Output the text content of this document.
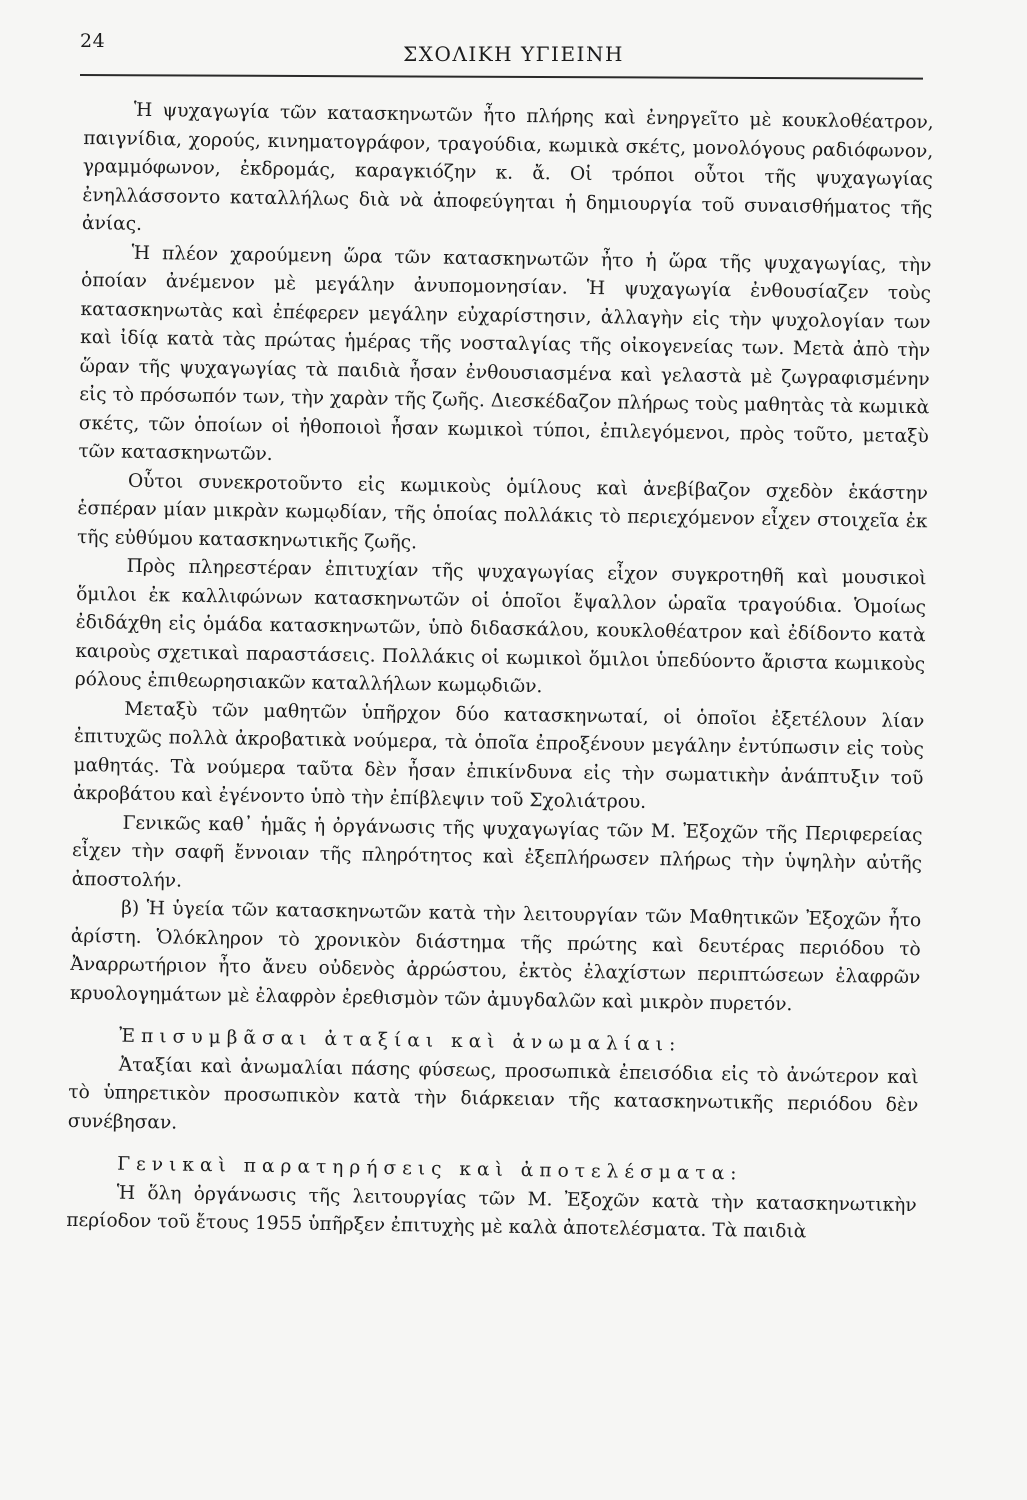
24
ΣΧΟΛΙΚΗ ΥΓΙΕΙΝΗ

Ἡ ψυχαγωγία τῶν κατασκηνωτῶν ἦτο πλήρης καὶ ἐνηργεῖτο μὲ κουκλοθέατρον, παιγνίδια, χορούς, κινηματογράφον, τραγούδια, κωμικὰ σκέτς, μονολόγους ραδιόφωνον, γραμμόφωνον, ἐκδρομάς, καραγκιόζην κ. ἄ. Οἱ τρόποι οὗτοι τῆς ψυχαγωγίας ἐνηλλάσσοντο καταλλήλως διὰ νὰ ἀποφεύγηται ἡ δημιουργία τοῦ συναισθήματος τῆς ἀνίας.

Ἡ πλέον χαρούμενη ὥρα τῶν κατασκηνωτῶν ἦτο ἡ ὥρα τῆς ψυχαγωγίας, τὴν ὁποίαν ἀνέμενον μὲ μεγάλην ἀνυπομονησίαν. Ἡ ψυχαγωγία ἐνθουσίαζεν τοὺς κατασκηνωτὰς καὶ ἐπέφερεν μεγάλην εὐχαρίστησιν, ἀλλαγὴν εἰς τὴν ψυχολογίαν των καὶ ἰδίᾳ κατὰ τὰς πρώτας ἡμέρας τῆς νοσταλγίας τῆς οἰκογενείας των. Μετὰ ἀπὸ τὴν ὥραν τῆς ψυχαγωγίας τὰ παιδιὰ ἦσαν ἐνθουσιασμένα καὶ γελαστὰ μὲ ζωγραφισμένην εἰς τὸ πρόσωπόν των, τὴν χαρὰν τῆς ζωῆς. Διεσκέδαζον πλήρως τοὺς μαθητὰς τὰ κωμικὰ σκέτς, τῶν ὁποίων οἱ ἠθοποιοὶ ἦσαν κωμικοὶ τύποι, ἐπιλεγόμενοι, πρὸς τοῦτο, μεταξὺ τῶν κατασκηνωτῶν.

Οὗτοι συνεκροτοῦντο εἰς κωμικοὺς ὁμίλους καὶ ἀνεβίβαζον σχεδὸν ἑκάστην ἑσπέραν μίαν μικρὰν κωμῳδίαν, τῆς ὁποίας πολλάκις τὸ περιεχόμενον εἶχεν στοιχεῖα ἐκ τῆς εὐθύμου κατασκηνωτικῆς ζωῆς.

Πρὸς πληρεστέραν ἐπιτυχίαν τῆς ψυχαγωγίας εἶχον συγκροτηθῆ καὶ μουσικοὶ ὅμιλοι ἐκ καλλιφώνων κατασκηνωτῶν οἱ ὁποῖοι ἔψαλλον ὡραῖα τραγούδια. Ὁμοίως ἐδιδάχθη εἰς ὁμάδα κατασκηνωτῶν, ὑπὸ διδασκάλου, κουκλοθέατρον καὶ ἐδίδοντο κατὰ καιροὺς σχετικαὶ παραστάσεις. Πολλάκις οἱ κωμικοὶ ὅμιλοι ὑπεδύοντο ἄριστα κωμικοὺς ρόλους ἐπιθεωρησιακῶν καταλλήλων κωμῳδιῶν.

Μεταξὺ τῶν μαθητῶν ὑπῆρχον δύο κατασκηνωταί, οἱ ὁποῖοι ἐξετέλουν λίαν ἐπιτυχῶς πολλὰ ἀκροβατικὰ νούμερα, τὰ ὁποῖα ἐπροξένουν μεγάλην ἐντύπωσιν εἰς τοὺς μαθητάς. Τὰ νούμερα ταῦτα δὲν ἦσαν ἐπικίνδυνα εἰς τὴν σωματικὴν ἀνάπτυξιν τοῦ ἀκροβάτου καὶ ἐγένοντο ὑπὸ τὴν ἐπίβλεψιν τοῦ Σχολιάτρου.

Γενικῶς καθ᾽ ἡμᾶς ἡ ὀργάνωσις τῆς ψυχαγωγίας τῶν Μ. Ἐξοχῶν τῆς Περιφερείας εἶχεν τὴν σαφῆ ἔννοιαν τῆς πληρότητος καὶ ἐξεπλήρωσεν πλήρως τὴν ὑψηλὴν αὐτῆς ἀποστολήν.

β) Ἡ ὑγεία τῶν κατασκηνωτῶν κατὰ τὴν λειτουργίαν τῶν Μαθητικῶν Ἐξοχῶν ἦτο ἀρίστη. Ὁλόκληρον τὸ χρονικὸν διάστημα τῆς πρώτης καὶ δευτέρας περιόδου τὸ Ἀναρρωτήριον ἦτο ἄνευ οὐδενὸς ἀρρώστου, ἐκτὸς ἐλαχίστων περιπτώσεων ἐλαφρῶν κρυολογημάτων μὲ ἐλαφρὸν ἐρεθισμὸν τῶν ἀμυγδαλῶν καὶ μικρὸν πυρετόν.

Ἐπισυμβᾶσαι ἀταξίαι καὶ ἀνωμαλίαι:

Ἀταξίαι καὶ ἀνωμαλίαι πάσης φύσεως, προσωπικὰ ἐπεισόδια εἰς τὸ ἀνώτερον καὶ τὸ ὑπηρετικὸν προσωπικὸν κατὰ τὴν διάρκειαν τῆς κατασκηνωτικῆς περιόδου δὲν συνέβησαν.

Γενικαὶ παρατηρήσεις καὶ ἀποτελέσματα:

Ἡ ὅλη ὀργάνωσις τῆς λειτουργίας τῶν Μ. Ἐξοχῶν κατὰ τὴν κατασκηνωτικὴν περίοδον τοῦ ἔτους 1955 ὑπῆρξεν ἐπιτυχὴς μὲ καλὰ ἀποτελέσματα. Τὰ παιδιὰ
